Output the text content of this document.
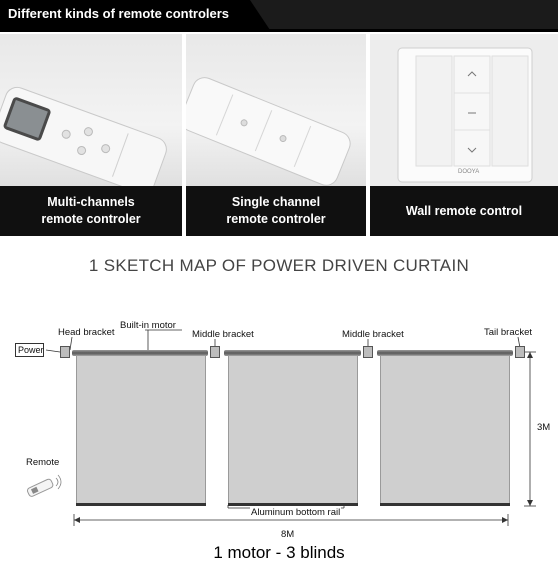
Different kinds of remote controlers
Multi-channels
remote controler
Single channel
remote controler
DOOYA
Wall remote control
1 SKETCH MAP OF POWER DRIVEN CURTAIN
Head bracket
Built-in motor
Middle bracket	Middle bracket	Tail bracket
Power
Remote
Aluminum bottom rail
8M
3M
1 motor - 3 blinds
